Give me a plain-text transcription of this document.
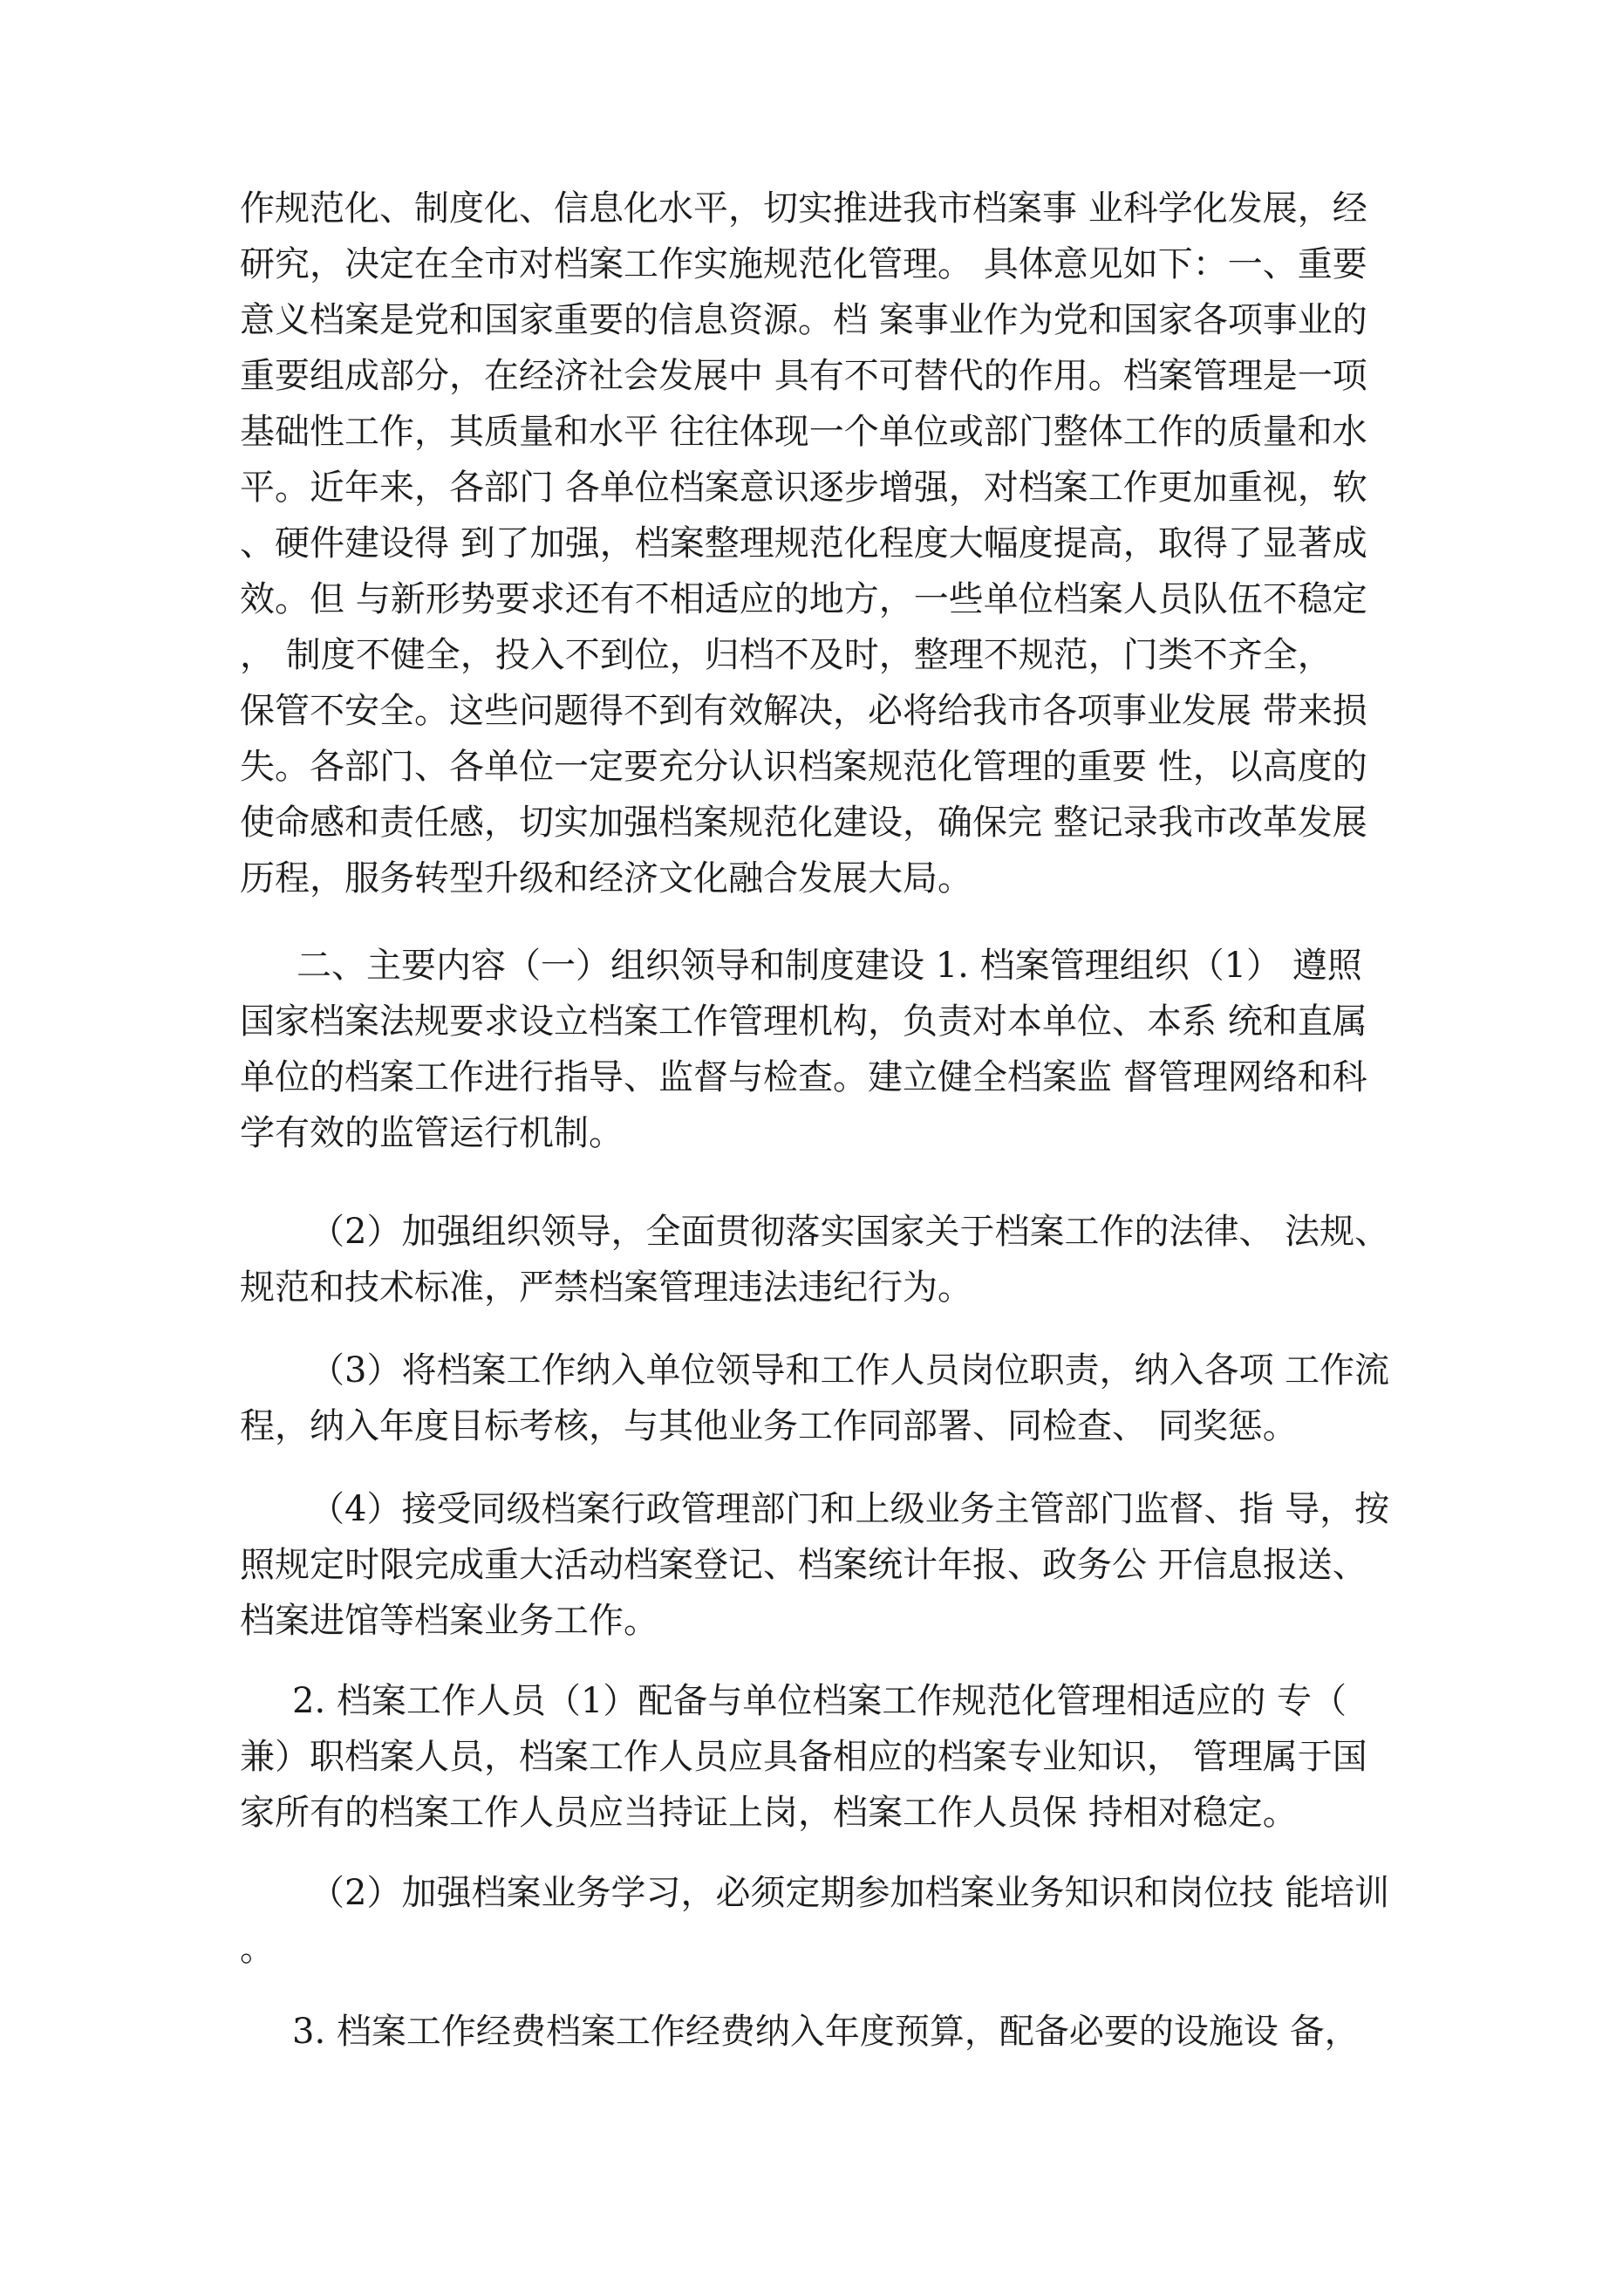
作规范化、制度化、信息化水平，切实推进我市档案事 业科学化发展，经
研究，决定在全市对档案工作实施规范化管理。 具体意见如下：一、重要
意义档案是党和国家重要的信息资源。档 案事业作为党和国家各项事业的
重要组成部分，在经济社会发展中 具有不可替代的作用。档案管理是一项
基础性工作，其质量和水平 往往体现一个单位或部门整体工作的质量和水
平。近年来，各部门 各单位档案意识逐步增强，对档案工作更加重视，软
、硬件建设得 到了加强，档案整理规范化程度大幅度提高，取得了显著成
效。但 与新形势要求还有不相适应的地方，一些单位档案人员队伍不稳定
， 制度不健全，投入不到位，归档不及时，整理不规范，门类不齐全，
保管不安全。这些问题得不到有效解决，必将给我市各项事业发展 带来损
失。各部门、各单位一定要充分认识档案规范化管理的重要 性，以高度的
使命感和责任感，切实加强档案规范化建设，确保完 整记录我市改革发展
历程，服务转型升级和经济文化融合发展大局。
二、主要内容（一）组织领导和制度建设 1. 档案管理组织（1） 遵照
国家档案法规要求设立档案工作管理机构，负责对本单位、本系 统和直属
单位的档案工作进行指导、监督与检查。建立健全档案监 督管理网络和科
学有效的监管运行机制。
（2）加强组织领导，全面贯彻落实国家关于档案工作的法律、 法规、
规范和技术标准，严禁档案管理违法违纪行为。
（3）将档案工作纳入单位领导和工作人员岗位职责，纳入各项 工作流
程，纳入年度目标考核，与其他业务工作同部署、同检查、 同奖惩。
（4）接受同级档案行政管理部门和上级业务主管部门监督、指 导，按
照规定时限完成重大活动档案登记、档案统计年报、政务公 开信息报送、
档案进馆等档案业务工作。
2. 档案工作人员（1）配备与单位档案工作规范化管理相适应的 专（
兼）职档案人员，档案工作人员应具备相应的档案专业知识， 管理属于国
家所有的档案工作人员应当持证上岗，档案工作人员保 持相对稳定。
（2）加强档案业务学习，必须定期参加档案业务知识和岗位技 能培训
。
3. 档案工作经费档案工作经费纳入年度预算，配备必要的设施设 备，
